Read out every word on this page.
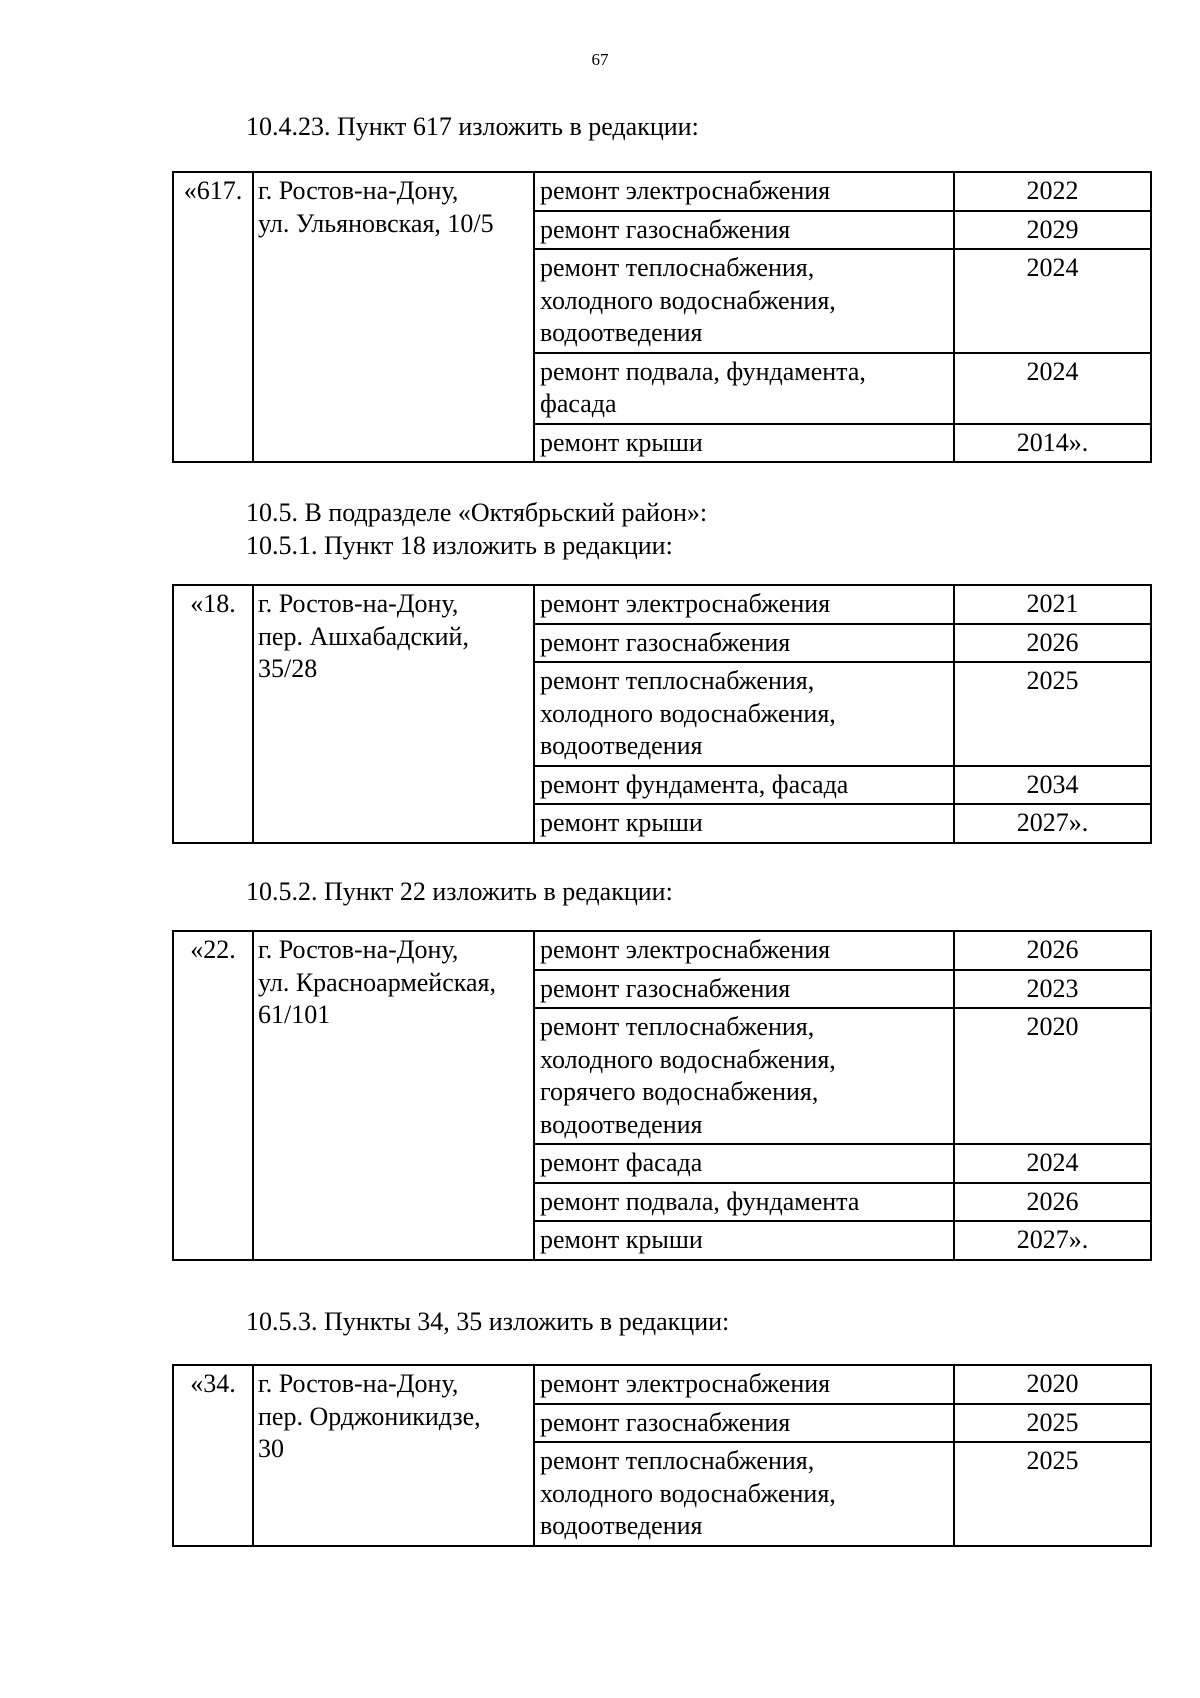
67
10.4.23. Пункт 617 изложить в редакции:
«617.	г. Ростов-на-Дону,
ул. Ульяновская, 10/5	ремонт электроснабжения	2022

		ремонт газоснабжения	2029

		ремонт теплоснабжения,
холодного водоснабжения,
водоотведения	2024

		ремонт подвала, фундамента,
фасада	2024

		ремонт крыши	2014».
10.5. В подразделе «Октябрьский район»:
10.5.1. Пункт 18 изложить в редакции:
«18.	г. Ростов-на-Дону,
пер. Ашхабадский,
35/28	ремонт электроснабжения	2021

		ремонт газоснабжения	2026

		ремонт теплоснабжения,
холодного водоснабжения,
водоотведения	2025

		ремонт фундамента, фасада	2034

		ремонт крыши	2027».
10.5.2. Пункт 22 изложить в редакции:
«22.	г. Ростов-на-Дону,
ул. Красноармейская,
61/101	ремонт электроснабжения	2026

		ремонт газоснабжения	2023

		ремонт теплоснабжения,
холодного водоснабжения,
горячего водоснабжения,
водоотведения	2020

		ремонт фасада	2024

		ремонт подвала, фундамента	2026

		ремонт крыши	2027».
10.5.3. Пункты 34, 35 изложить в редакции:
«34.	г. Ростов-на-Дону,
пер. Орджоникидзе,
30	ремонт электроснабжения	2020

		ремонт газоснабжения	2025

		ремонт теплоснабжения,
холодного водоснабжения,
водоотведения	2025
